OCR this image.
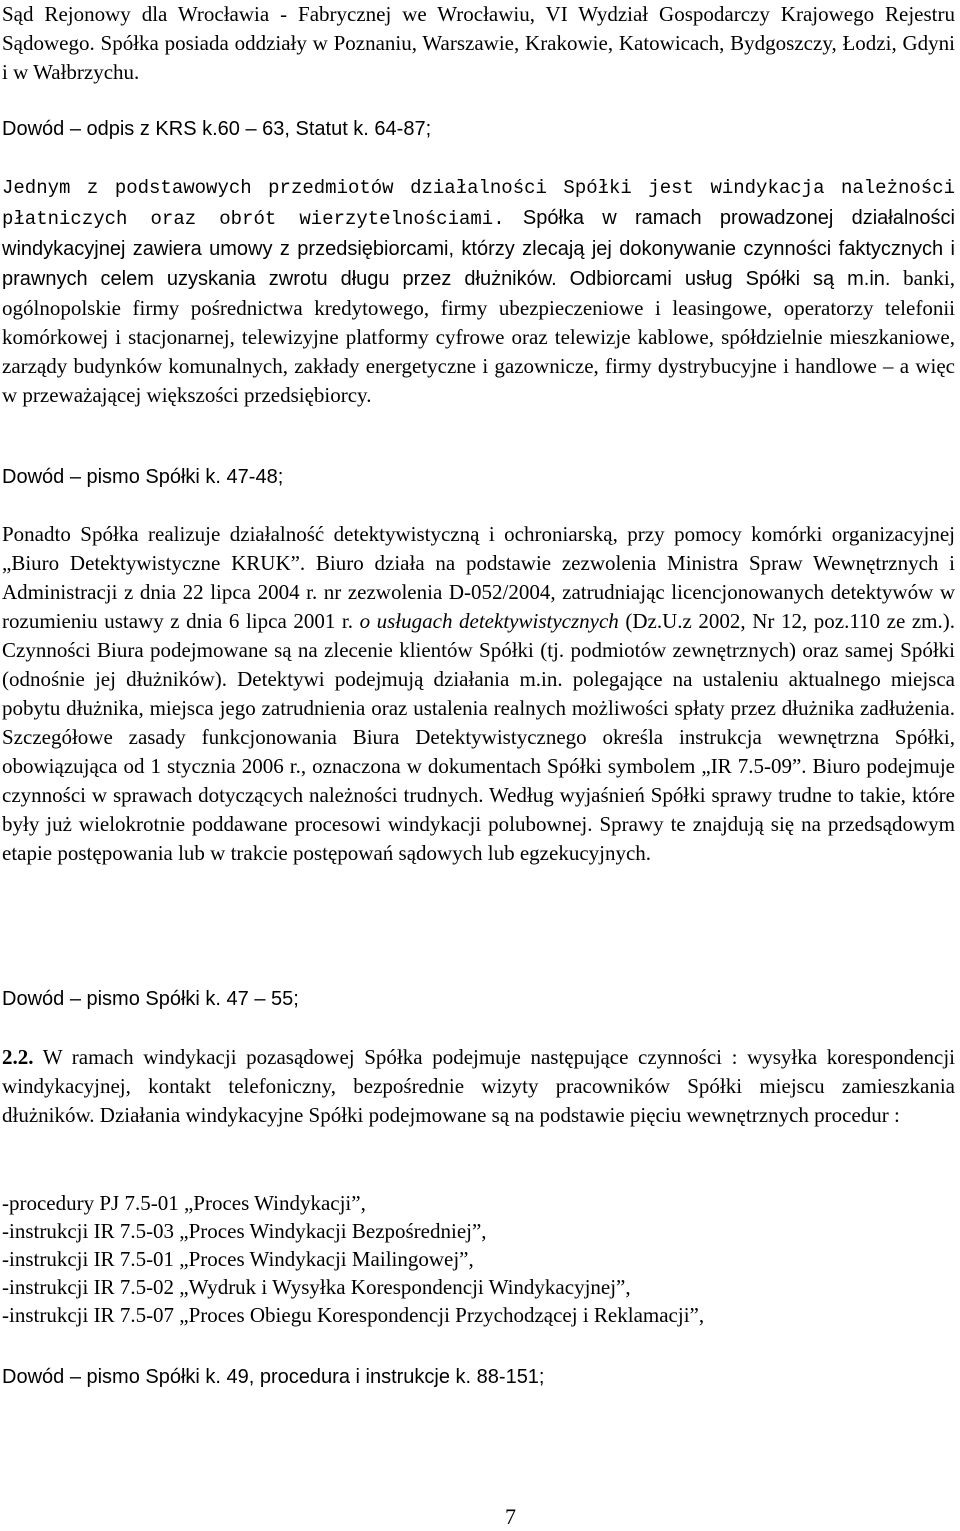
Sąd Rejonowy dla Wrocławia - Fabrycznej we Wrocławiu, VI Wydział Gospodarczy Krajowego Rejestru Sądowego. Spółka posiada oddziały w Poznaniu, Warszawie, Krakowie, Katowicach, Bydgoszczy, Łodzi, Gdyni i w Wałbrzychu.

Dowód – odpis z KRS k.60 – 63, Statut k. 64-87;

Jednym z podstawowych przedmiotów działalności Spółki jest windykacja należności płatniczych oraz obrót wierzytelnościami. Spółka w ramach prowadzonej działalności windykacyjnej zawiera umowy z przedsiębiorcami, którzy zlecają jej dokonywanie czynności faktycznych i prawnych celem uzyskania zwrotu długu przez dłużników. Odbiorcami usług Spółki są m.in. banki, ogólnopolskie firmy pośrednictwa kredytowego, firmy ubezpieczeniowe i leasingowe, operatorzy telefonii komórkowej i stacjonarnej, telewizyjne platformy cyfrowe oraz telewizje kablowe, spółdzielnie mieszkaniowe, zarządy budynków komunalnych, zakłady energetyczne i gazownicze, firmy dystrybucyjne i handlowe – a więc w przeważającej większości przedsiębiorcy.

Dowód – pismo Spółki k. 47-48;

Ponadto Spółka realizuje działalność detektywistyczną i ochroniarską, przy pomocy komórki organizacyjnej „Biuro Detektywistyczne KRUK”. Biuro działa na podstawie zezwolenia Ministra Spraw Wewnętrznych i Administracji z dnia 22 lipca 2004 r. nr zezwolenia D-052/2004, zatrudniając licencjonowanych detektywów w rozumieniu ustawy z dnia 6 lipca 2001 r. o usługach detektywistycznych (Dz.U.z 2002, Nr 12, poz.110 ze zm.). Czynności Biura podejmowane są na zlecenie klientów Spółki (tj. podmiotów zewnętrznych) oraz samej Spółki (odnośnie jej dłużników). Detektywi podejmują działania m.in. polegające na ustaleniu aktualnego miejsca pobytu dłużnika, miejsca jego zatrudnienia oraz ustalenia realnych możliwości spłaty przez dłużnika zadłużenia. Szczegółowe zasady funkcjonowania Biura Detektywistycznego określa instrukcja wewnętrzna Spółki, obowiązująca od 1 stycznia 2006 r., oznaczona w dokumentach Spółki symbolem „IR 7.5-09”. Biuro podejmuje czynności w sprawach dotyczących należności trudnych. Według wyjaśnień Spółki sprawy trudne to takie, które były już wielokrotnie poddawane procesowi windykacji polubownej. Sprawy te znajdują się na przedsądowym etapie postępowania lub w trakcie postępowań sądowych lub egzekucyjnych.

Dowód – pismo Spółki k. 47 – 55;

2.2. W ramach windykacji pozasądowej Spółka podejmuje następujące czynności : wysyłka korespondencji windykacyjnej, kontakt telefoniczny, bezpośrednie wizyty pracowników Spółki miejscu zamieszkania dłużników. Działania windykacyjne Spółki podejmowane są na podstawie pięciu wewnętrznych procedur :

-procedury PJ 7.5-01 „Proces Windykacji”,
-instrukcji IR 7.5-03 „Proces Windykacji Bezpośredniej”,
-instrukcji IR 7.5-01 „Proces Windykacji Mailingowej”,
-instrukcji IR 7.5-02 „Wydruk i Wysyłka Korespondencji Windykacyjnej”,
-instrukcji IR 7.5-07 „Proces Obiegu Korespondencji Przychodzącej i Reklamacji”,

Dowód – pismo Spółki k. 49, procedura i instrukcje k. 88-151;

7
